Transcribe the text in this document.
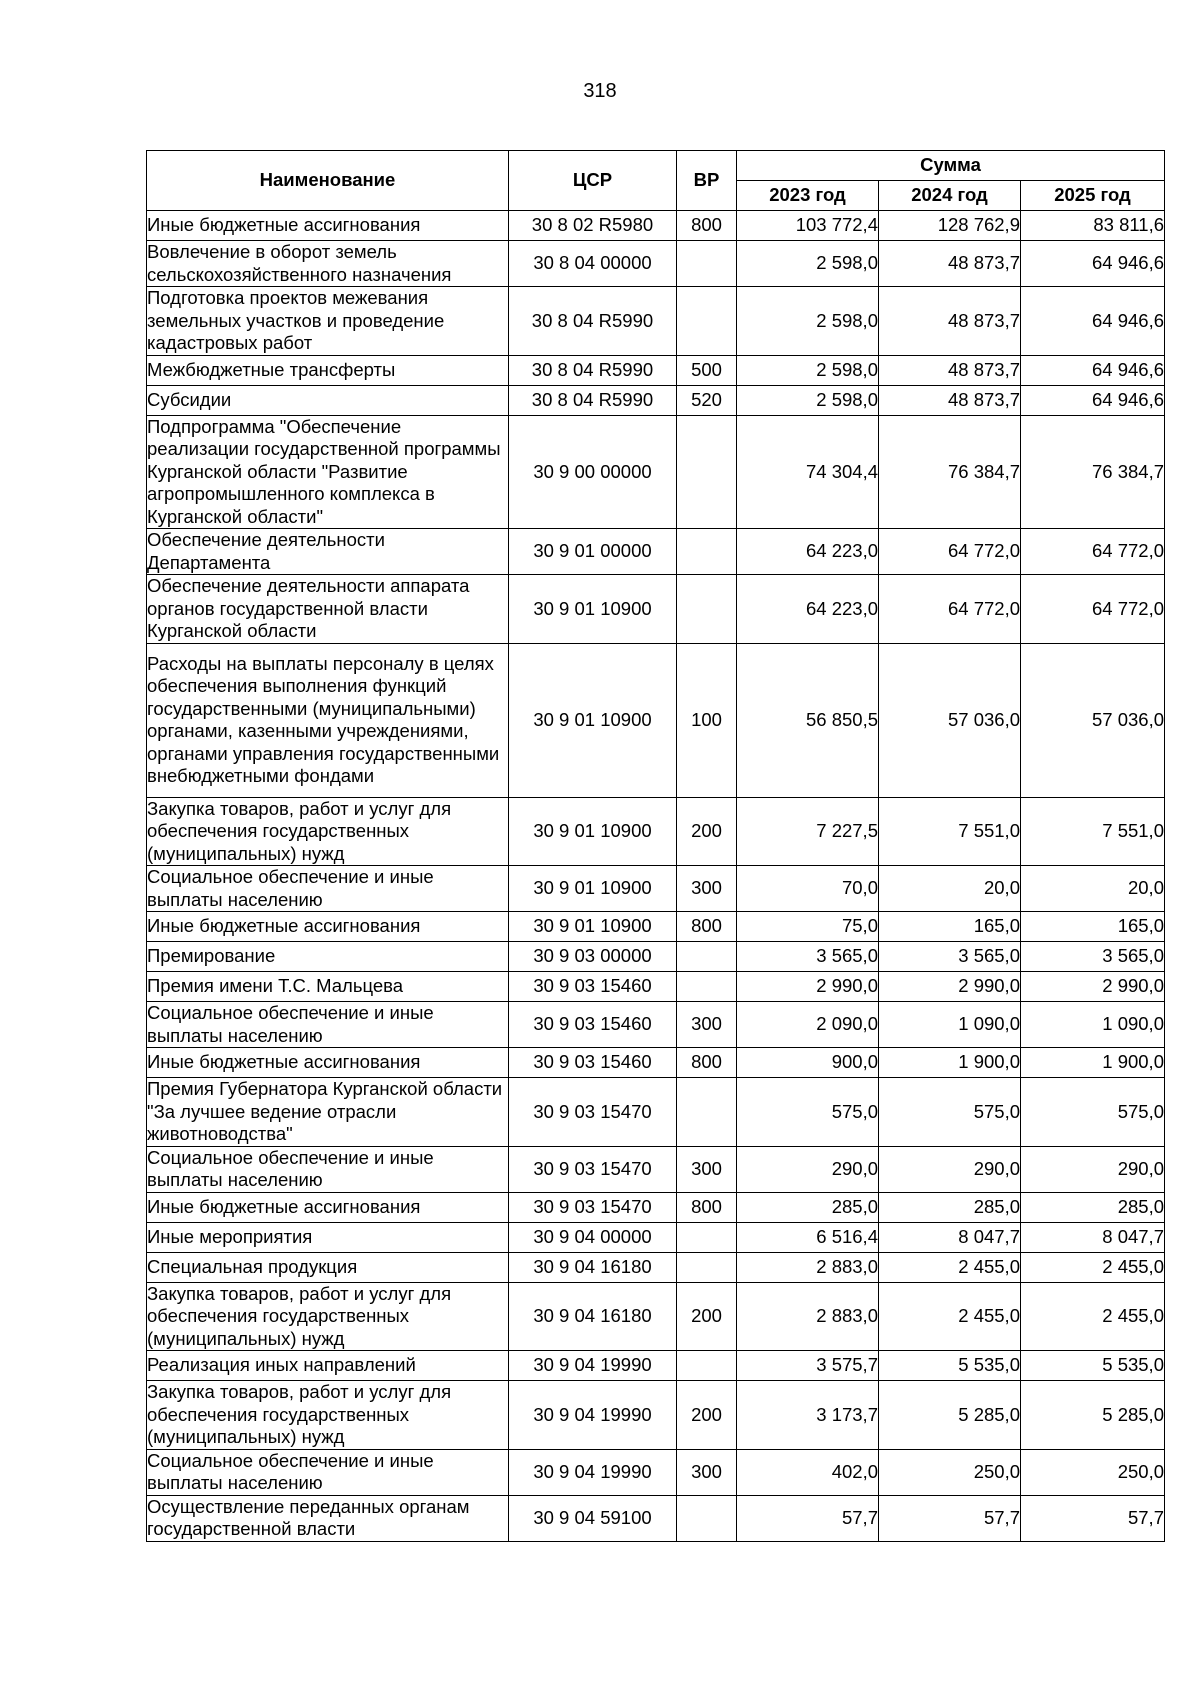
318
Наименование	ЦСР	ВР	Сумма		
			2023 год	2024 год	2025 год
Иные бюджетные ассигнования	30 8 02 R5980	800	103 772,4	128 762,9	83 811,6
Вовлечение в оборот земель сельскохозяйственного назначения	30 8 04 00000		2 598,0	48 873,7	64 946,6
Подготовка проектов межевания земельных участков и проведение кадастровых работ	30 8 04 R5990		2 598,0	48 873,7	64 946,6
Межбюджетные трансферты	30 8 04 R5990	500	2 598,0	48 873,7	64 946,6
Субсидии	30 8 04 R5990	520	2 598,0	48 873,7	64 946,6
Подпрограмма "Обеспечение реализации государственной программы Курганской области "Развитие агропромышленного комплекса в Курганской области"	30 9 00 00000		74 304,4	76 384,7	76 384,7
Обеспечение деятельности Департамента	30 9 01 00000		64 223,0	64 772,0	64 772,0
Обеспечение деятельности аппарата органов государственной власти Курганской области	30 9 01 10900		64 223,0	64 772,0	64 772,0
Расходы на выплаты персоналу в целях обеспечения выполнения функций государственными (муниципальными) органами, казенными учреждениями, органами управления государственными внебюджетными фондами	30 9 01 10900	100	56 850,5	57 036,0	57 036,0
Закупка товаров, работ и услуг для обеспечения государственных (муниципальных) нужд	30 9 01 10900	200	7 227,5	7 551,0	7 551,0
Социальное обеспечение и иные выплаты населению	30 9 01 10900	300	70,0	20,0	20,0
Иные бюджетные ассигнования	30 9 01 10900	800	75,0	165,0	165,0
Премирование	30 9 03 00000		3 565,0	3 565,0	3 565,0
Премия имени Т.С. Мальцева	30 9 03 15460		2 990,0	2 990,0	2 990,0
Социальное обеспечение и иные выплаты населению	30 9 03 15460	300	2 090,0	1 090,0	1 090,0
Иные бюджетные ассигнования	30 9 03 15460	800	900,0	1 900,0	1 900,0
Премия Губернатора Курганской области "За лучшее ведение отрасли животноводства"	30 9 03 15470		575,0	575,0	575,0
Социальное обеспечение и иные выплаты населению	30 9 03 15470	300	290,0	290,0	290,0
Иные бюджетные ассигнования	30 9 03 15470	800	285,0	285,0	285,0
Иные мероприятия	30 9 04 00000		6 516,4	8 047,7	8 047,7
Специальная продукция	30 9 04 16180		2 883,0	2 455,0	2 455,0
Закупка товаров, работ и услуг для обеспечения государственных (муниципальных) нужд	30 9 04 16180	200	2 883,0	2 455,0	2 455,0
Реализация иных направлений	30 9 04 19990		3 575,7	5 535,0	5 535,0
Закупка товаров, работ и услуг для обеспечения государственных (муниципальных) нужд	30 9 04 19990	200	3 173,7	5 285,0	5 285,0
Социальное обеспечение и иные выплаты населению	30 9 04 19990	300	402,0	250,0	250,0
Осуществление переданных органам государственной власти	30 9 04 59100		57,7	57,7	57,7
